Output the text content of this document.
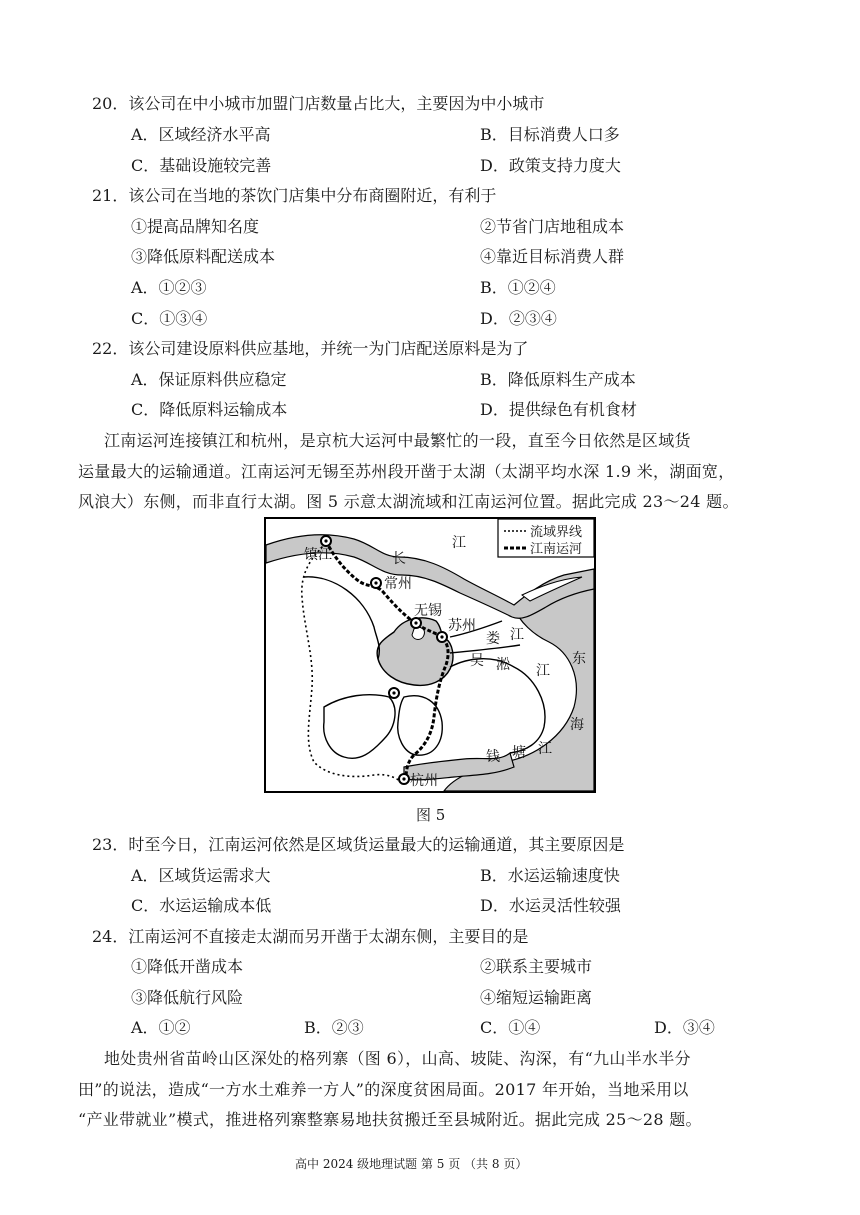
20．该公司在中小城市加盟门店数量占比大，主要因为中小城市
A．区域经济水平高	B．目标消费人口多
C．基础设施较完善	D．政策支持力度大
21．该公司在当地的茶饮门店集中分布商圈附近，有利于
①提高品牌知名度	②节省门店地租成本
③降低原料配送成本	④靠近目标消费人群
A．①②③	B．①②④
C．①③④	D．②③④
22．该公司建设原料供应基地，并统一为门店配送原料是为了
A．保证原料供应稳定	B．降低原料生产成本
C．降低原料运输成本	D．提供绿色有机食材
江南运河连接镇江和杭州，是京杭大运河中最繁忙的一段，直至今日依然是区域货
运量最大的运输通道。江南运河无锡至苏州段开凿于太湖（太湖平均水深 1.9 米，湖面宽，
风浪大）东侧，而非直行太湖。图 5 示意太湖流域和江南运河位置。据此完成 23～24 题。
流域界线
江南运河
镇江	长
江
常州
无锡
苏州
娄 江
吴 淞 江
东
海
钱 塘 江
杭州
图 5
23．时至今日，江南运河依然是区域货运量最大的运输通道，其主要原因是
A．区域货运需求大	B．水运运输速度快
C．水运运输成本低	D．水运灵活性较强
24．江南运河不直接走太湖而另开凿于太湖东侧，主要目的是
①降低开凿成本	②联系主要城市
③降低航行风险	④缩短运输距离
A．①②	B．②③	C．①④	D．③④
地处贵州省苗岭山区深处的格列寨（图 6），山高、坡陡、沟深，有“九山半水半分
田”的说法，造成“一方水土难养一方人”的深度贫困局面。2017 年开始，当地采用以
“产业带就业”模式，推进格列寨整寨易地扶贫搬迁至县城附近。据此完成 25～28 题。
高中 2024 级地理试题 第 5 页 （共 8 页）
